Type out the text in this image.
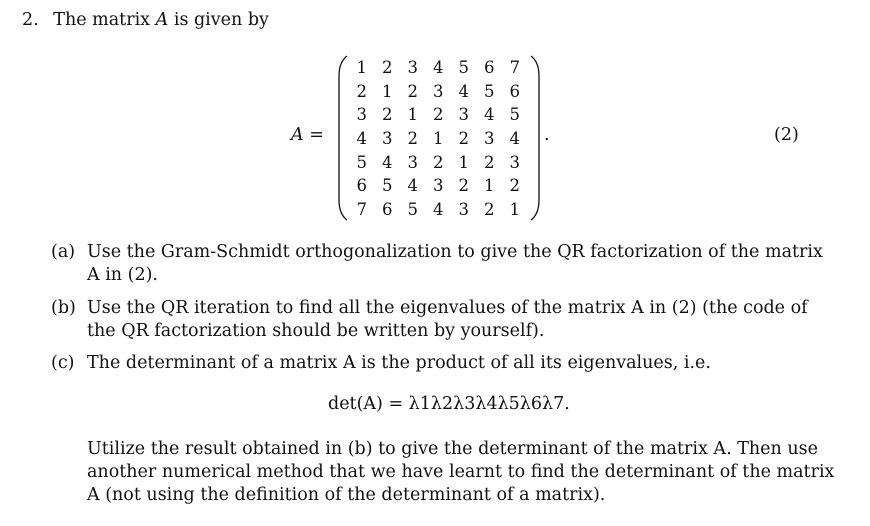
2. The matrix A is given by
A =
1 2 3 4 5 6 7
2 1 2 3 4 5 6
3 2 1 2 3 4 5
4 3 2 1 2 3 4
5 4 3 2 1 2 3
6 5 4 3 2 1 2
7 6 5 4 3 2 1
.	(2)
(a) Use the Gram-Schmidt orthogonalization to give the QR factorization of the matrix
A in (2).
(b) Use the QR iteration to find all the eigenvalues of the matrix A in (2) (the code of
the QR factorization should be written by yourself).
(c) The determinant of a matrix A is the product of all its eigenvalues, i.e.
det(A) = λ1λ2λ3λ4λ5λ6λ7.
Utilize the result obtained in (b) to give the determinant of the matrix A. Then use
another numerical method that we have learnt to find the determinant of the matrix
A (not using the definition of the determinant of a matrix).
